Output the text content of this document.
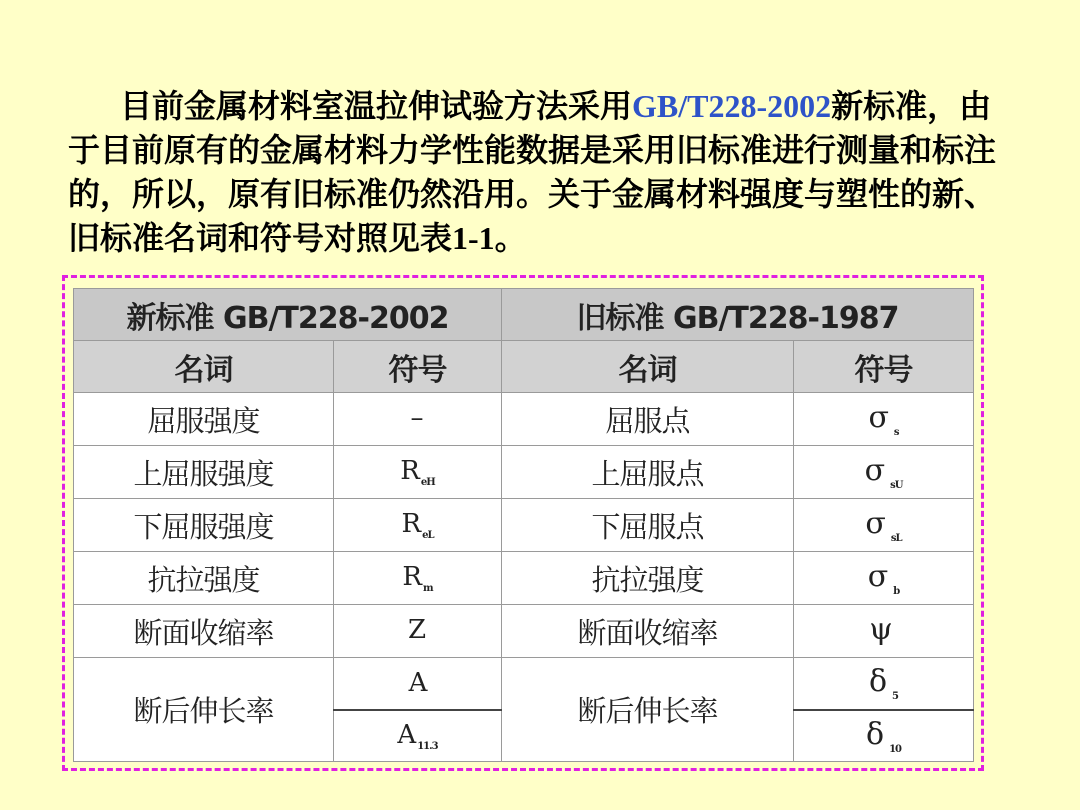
目前金属材料室温拉伸试验方法采用GB/T228-2002新标准，由于目前原有的金属材料力学性能数据是采用旧标准进行测量和标注的，所以，原有旧标准仍然沿用。关于金属材料强度与塑性的新、旧标准名词和符号对照见表1-1。

新标准 GB/T228-2002		旧标准 GB/T228-1987	
名词	符号	名词	符号
屈服强度	–	屈服点	σ $_s$
上屈服强度	R $_{eH}$	上屈服点	σ $_{sU}$
下屈服强度	R $_{eL}$	下屈服点	σ $_{sL}$
抗拉强度	R $_m$	抗拉强度	σ $_b$
断面收缩率	Z	断面收缩率	ψ
断后伸长率	A	断后伸长率	δ $_5$
	A $_{11.3}$		δ $_{10}$
